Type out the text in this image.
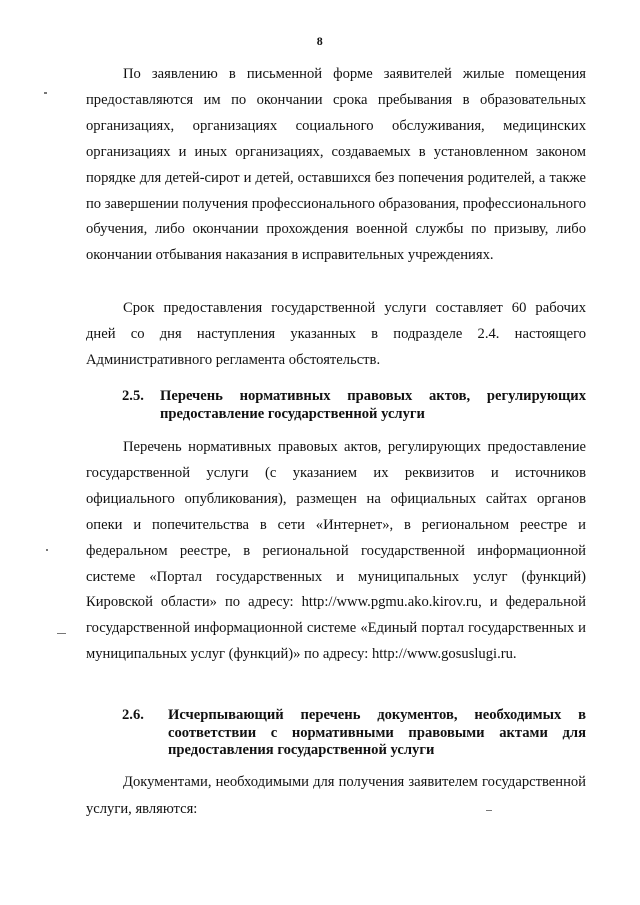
8
По заявлению в письменной форме заявителей жилые помещения предоставляются им по окончании срока пребывания в образовательных организациях, организациях социального обслуживания, медицинских организациях и иных организациях, создаваемых в установленном законом порядке для детей-сирот и детей, оставшихся без попечения родителей, а также по завершении получения профессионального образования, профессионального обучения, либо окончании прохождения военной службы по призыву, либо окончании отбывания наказания в исправительных учреждениях.
Срок предоставления государственной услуги составляет 60 рабочих дней со дня наступления указанных в подразделе 2.4. настоящего Административного регламента обстоятельств.
2.5. Перечень нормативных правовых актов, регулирующих предоставление государственной услуги
Перечень нормативных правовых актов, регулирующих предоставление государственной услуги (с указанием их реквизитов и источников официального опубликования), размещен на официальных сайтах органов опеки и попечительства в сети «Интернет», в региональном реестре и федеральном реестре, в региональной государственной информационной системе «Портал государственных и муниципальных услуг (функций) Кировской области» по адресу: http://www.pgmu.ako.kirov.ru, и федеральной государственной информационной системе «Единый портал государственных и муниципальных услуг (функций)» по адресу: http://www.gosuslugi.ru.
2.6. Исчерпывающий перечень документов, необходимых в соответствии с нормативными правовыми актами для предоставления государственной услуги
Документами, необходимыми для получения заявителем государственной услуги, являются:
